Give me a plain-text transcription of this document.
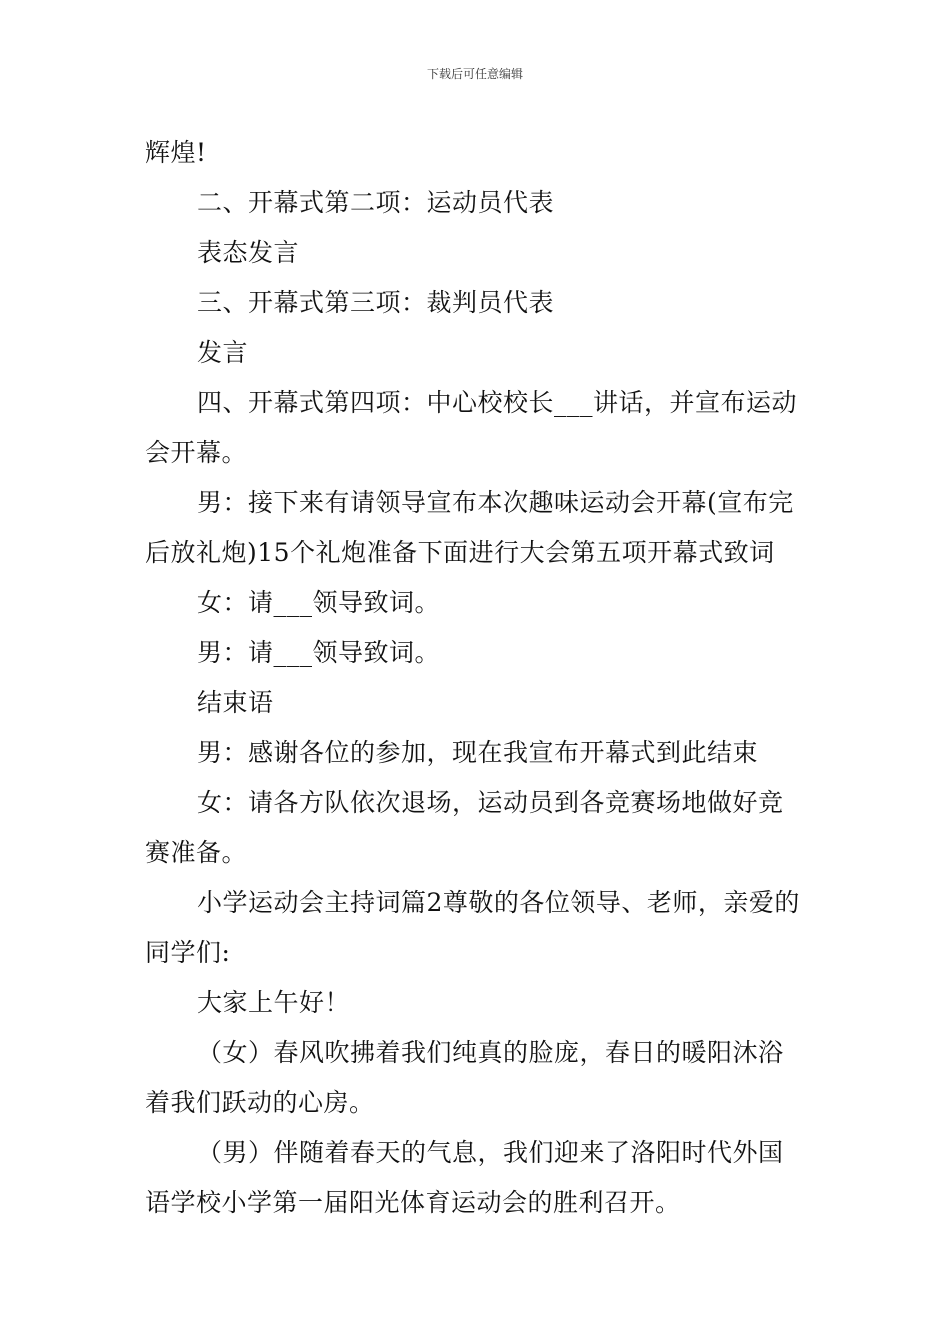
下载后可任意编辑
辉煌!
二、开幕式第二项：运动员代表
表态发言
三、开幕式第三项：裁判员代表
发言
四、开幕式第四项：中心校校长___讲话，并宣布运动
会开幕。
男：接下来有请领导宣布本次趣味运动会开幕(宣布完
后放礼炮)15个礼炮准备下面进行大会第五项开幕式致词
女：请___领导致词。
男：请___领导致词。
结束语
男：感谢各位的参加，现在我宣布开幕式到此结束
女：请各方队依次退场，运动员到各竞赛场地做好竞
赛准备。
小学运动会主持词篇2尊敬的各位领导、老师，亲爱的
同学们:
大家上午好！
（女）春风吹拂着我们纯真的脸庞，春日的暖阳沐浴
着我们跃动的心房。
（男）伴随着春天的气息，我们迎来了洛阳时代外国
语学校小学第一届阳光体育运动会的胜利召开。
